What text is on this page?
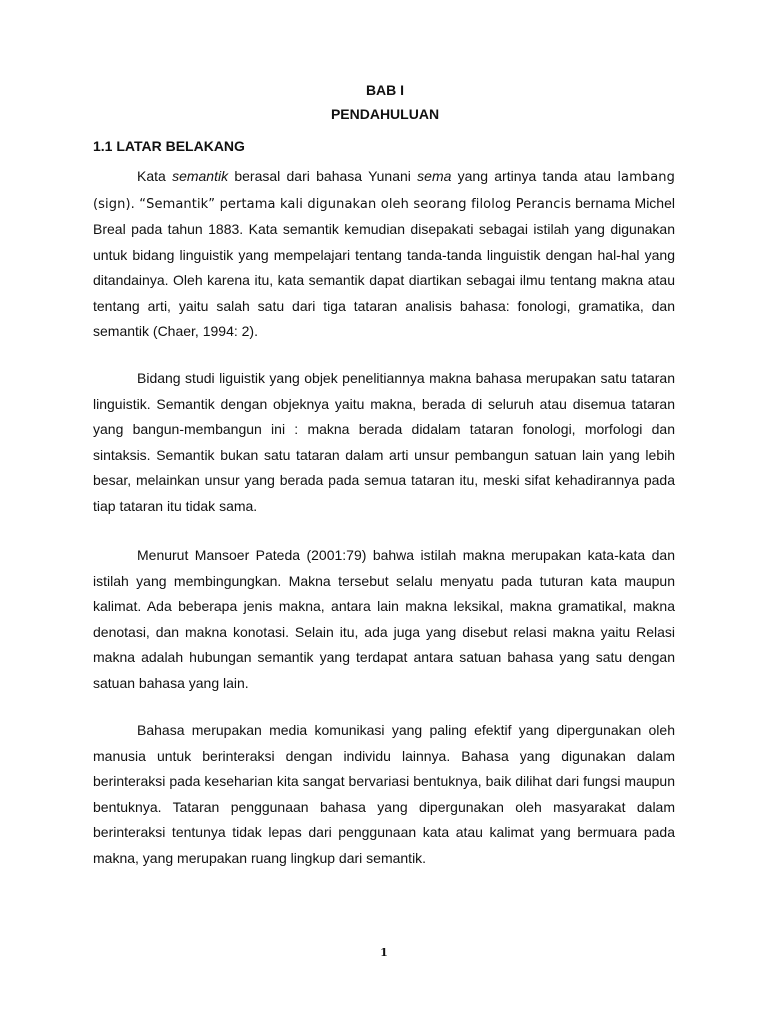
BAB I
PENDAHULUAN
1.1 LATAR BELAKANG

Kata semantik berasal dari bahasa Yunani sema yang artinya tanda atau lambang (sign). “Semantik” pertama kali digunakan oleh seorang filolog Perancis bernama Michel Breal pada tahun 1883. Kata semantik kemudian disepakati sebagai istilah yang digunakan untuk bidang linguistik yang mempelajari tentang tanda-tanda linguistik dengan hal-hal yang ditandainya. Oleh karena itu, kata semantik dapat diartikan sebagai ilmu tentang makna atau tentang arti, yaitu salah satu dari tiga tataran analisis bahasa: fonologi, gramatika, dan semantik (Chaer, 1994: 2).

Bidang studi liguistik yang objek penelitiannya makna bahasa merupakan satu tataran linguistik. Semantik dengan objeknya yaitu makna, berada di seluruh atau disemua tataran yang bangun-membangun ini : makna berada didalam tataran fonologi, morfologi dan sintaksis. Semantik bukan satu tataran dalam arti unsur pembangun satuan lain yang lebih besar, melainkan unsur yang berada pada semua tataran itu, meski sifat kehadirannya pada tiap tataran itu tidak sama.

Menurut Mansoer Pateda (2001:79) bahwa istilah makna merupakan kata-kata dan istilah yang membingungkan. Makna tersebut selalu menyatu pada tuturan kata maupun kalimat. Ada beberapa jenis makna, antara lain makna leksikal, makna gramatikal, makna denotasi, dan makna konotasi. Selain itu, ada juga yang disebut relasi makna yaitu Relasi makna adalah hubungan semantik yang terdapat antara satuan bahasa yang satu dengan satuan bahasa yang lain.

Bahasa merupakan media komunikasi yang paling efektif yang dipergunakan oleh manusia untuk berinteraksi dengan individu lainnya. Bahasa yang digunakan dalam berinteraksi pada keseharian kita sangat bervariasi bentuknya, baik dilihat dari fungsi maupun bentuknya. Tataran penggunaan bahasa yang dipergunakan oleh masyarakat dalam berinteraksi tentunya tidak lepas dari penggunaan kata atau kalimat yang bermuara pada makna, yang merupakan ruang lingkup dari semantik.

1
